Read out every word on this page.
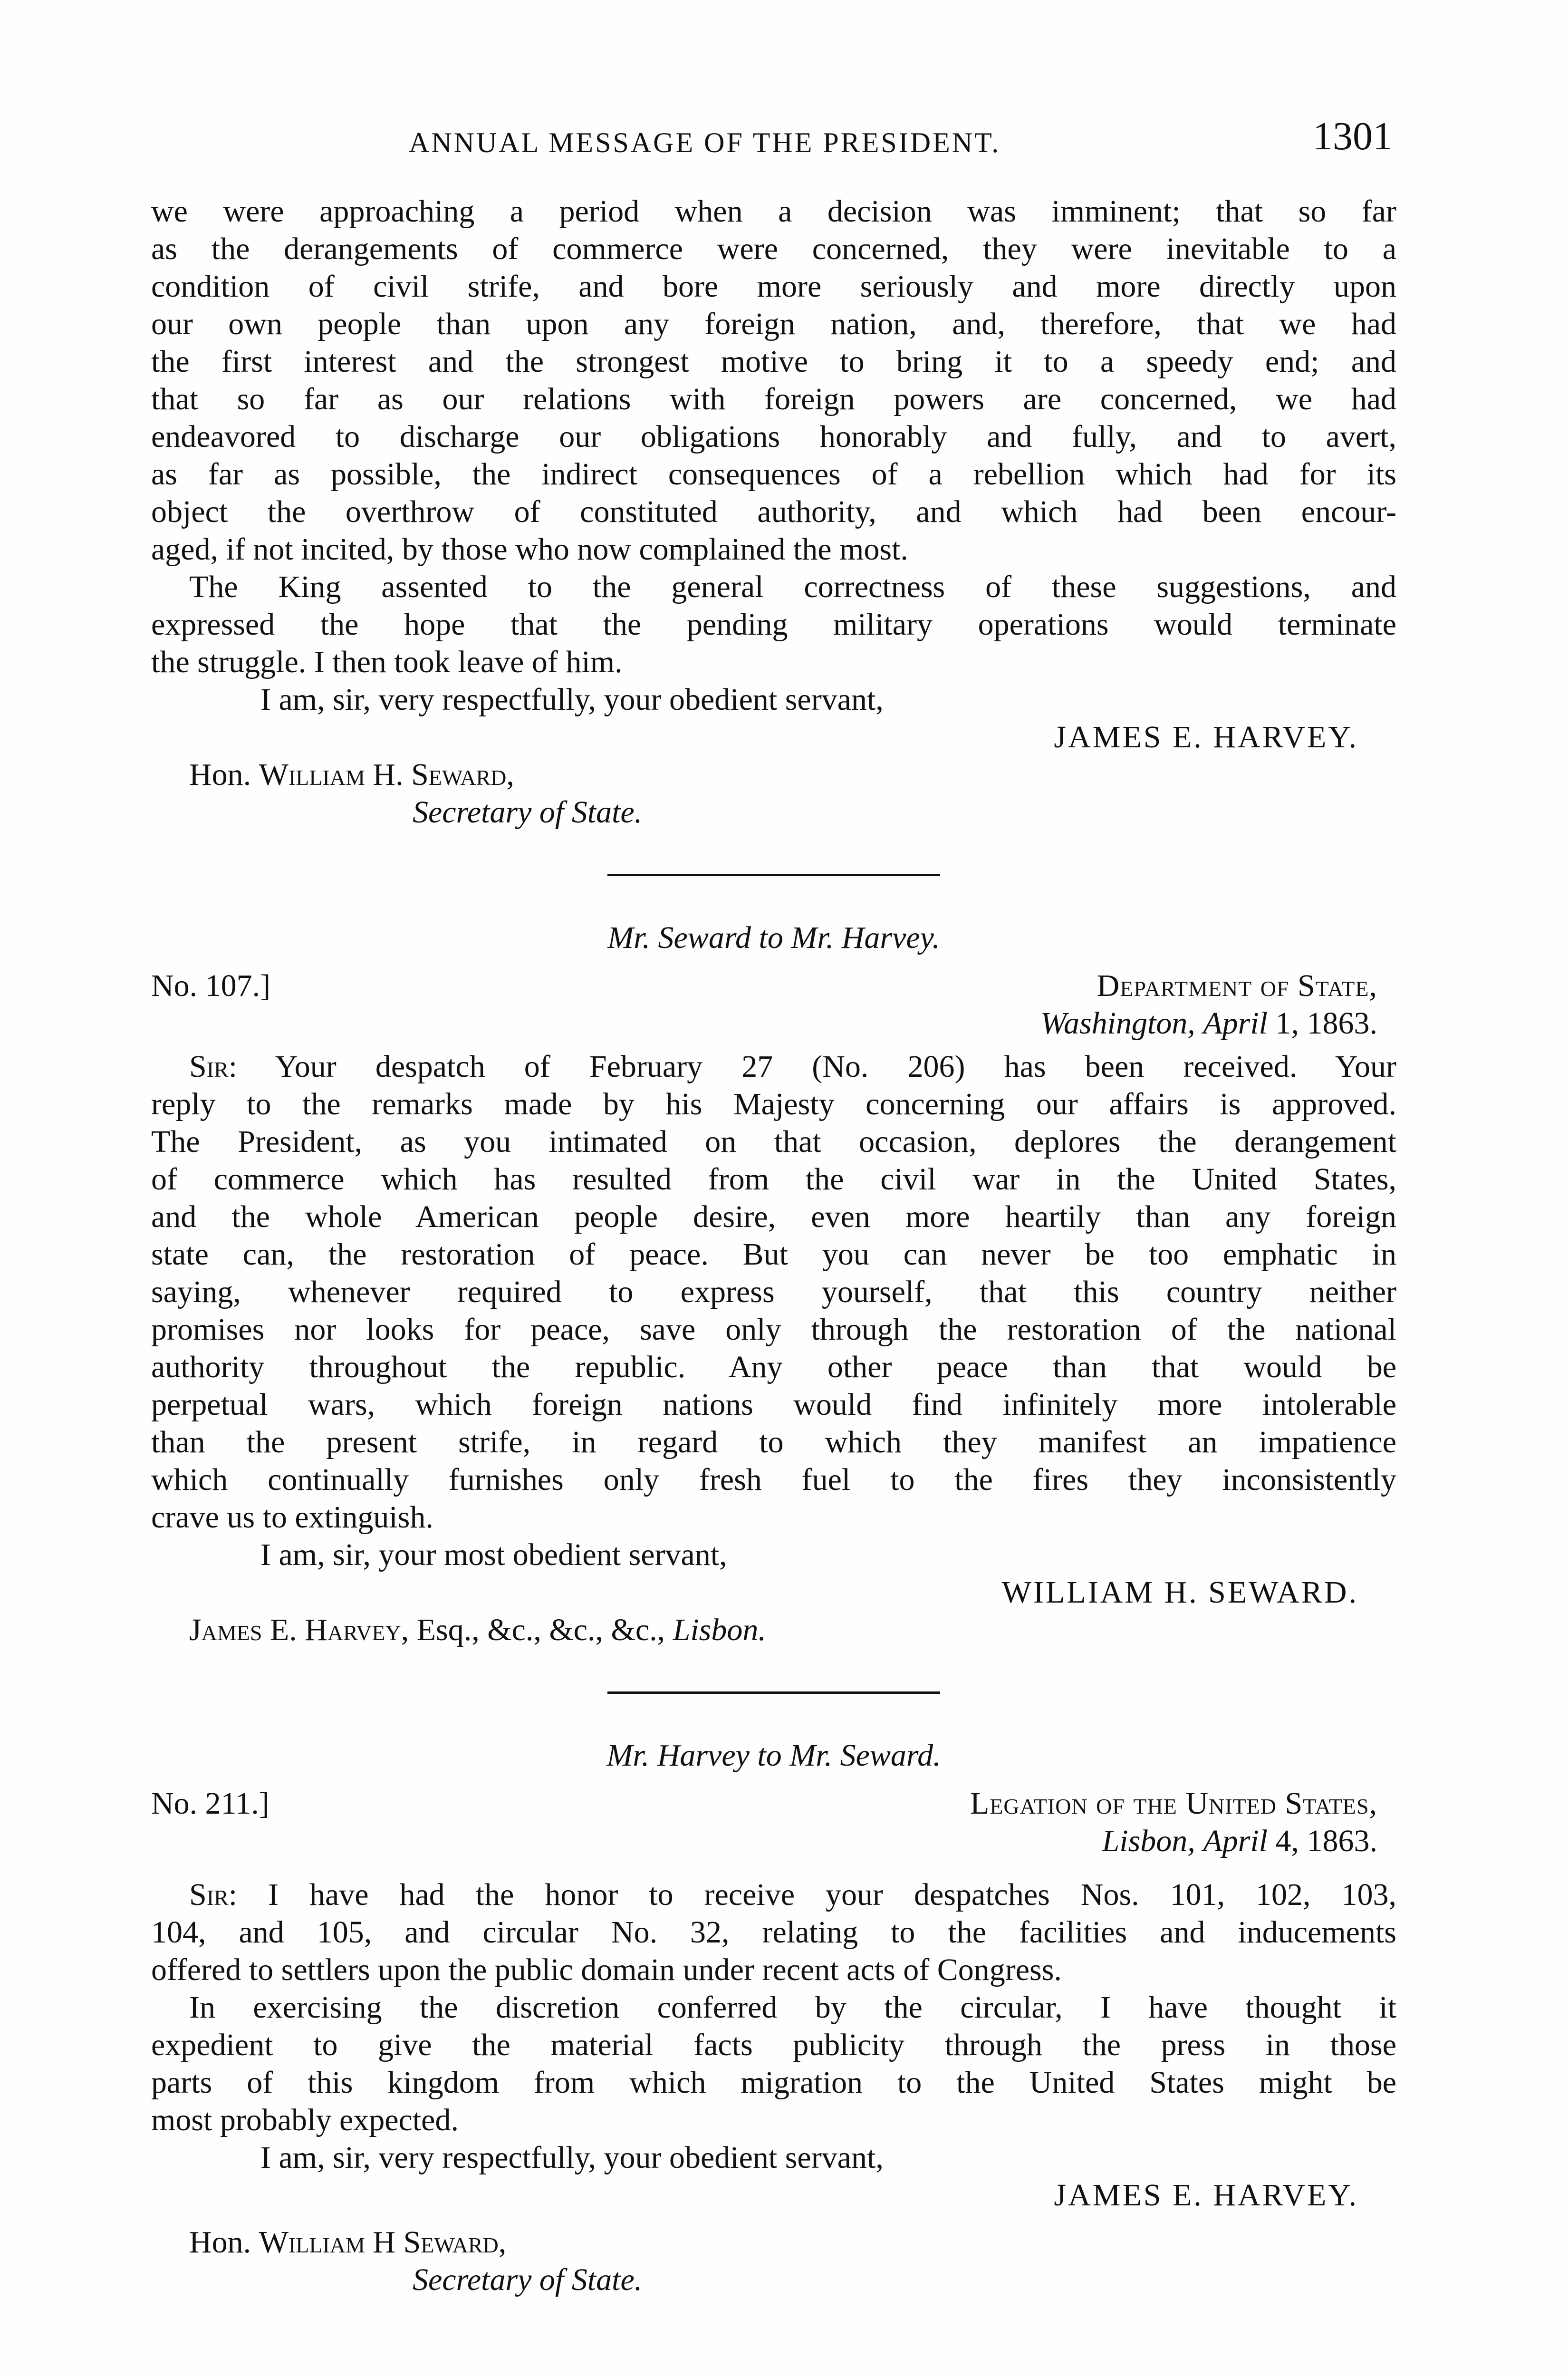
ANNUAL MESSAGE OF THE PRESIDENT.	1301
we were approaching a period when a decision was imminent; that so far
as the derangements of commerce were concerned, they were inevitable to a
condition of civil strife, and bore more seriously and more directly upon
our own people than upon any foreign nation, and, therefore, that we had
the first interest and the strongest motive to bring it to a speedy end; and
that so far as our relations with foreign powers are concerned, we had
endeavored to discharge our obligations honorably and fully, and to avert,
as far as possible, the indirect consequences of a rebellion which had for its
object the overthrow of constituted authority, and which had been encour-
aged, if not incited, by those who now complained the most.
The King assented to the general correctness of these suggestions, and
expressed the hope that the pending military operations would terminate
the struggle. I then took leave of him.

I am, sir, very respectfully, your obedient servant,

JAMES E. HARVEY.

Hon. William H. Seward,
Secretary of State.

Mr. Seward to Mr. Harvey.

No. 107.]	Department of State,
Washington, April 1, 1863.
Sir: Your despatch of February 27 (No. 206) has been received. Your
reply to the remarks made by his Majesty concerning our affairs is approved.
The President, as you intimated on that occasion, deplores the derangement
of commerce which has resulted from the civil war in the United States,
and the whole American people desire, even more heartily than any foreign
state can, the restoration of peace. But you can never be too emphatic in
saying, whenever required to express yourself, that this country neither
promises nor looks for peace, save only through the restoration of the national
authority throughout the republic. Any other peace than that would be
perpetual wars, which foreign nations would find infinitely more intolerable
than the present strife, in regard to which they manifest an impatience
which continually furnishes only fresh fuel to the fires they inconsistently
crave us to extinguish.

I am, sir, your most obedient servant,

WILLIAM H. SEWARD.

James E. Harvey, Esq., &c., &c., &c., Lisbon.

Mr. Harvey to Mr. Seward.

No. 211.]	Legation of the United States,
Lisbon, April 4, 1863.
Sir: I have had the honor to receive your despatches Nos. 101, 102, 103,
104, and 105, and circular No. 32, relating to the facilities and inducements
offered to settlers upon the public domain under recent acts of Congress.
In exercising the discretion conferred by the circular, I have thought it
expedient to give the material facts publicity through the press in those
parts of this kingdom from which migration to the United States might be
most probably expected.

I am, sir, very respectfully, your obedient servant,

JAMES E. HARVEY.

Hon. William H Seward,
Secretary of State.
